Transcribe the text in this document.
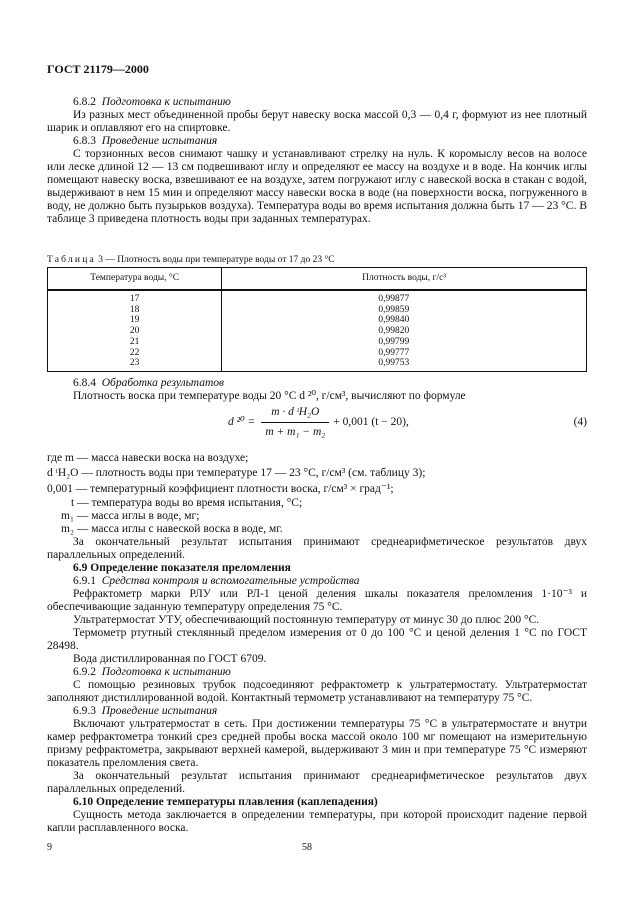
ГОСТ 21179—2000

6.8.2 Подготовка к испытанию

Из разных мест объединенной пробы берут навеску воска массой 0,3 — 0,4 г, формуют из нее плотный шарик и оплавляют его на спиртовке.

6.8.3 Проведение испытания

С торзионных весов снимают чашку и устанавливают стрелку на нуль. К коромыслу весов на волосе или леске длиной 12 — 13 см подвешивают иглу и определяют ее массу на воздухе и в воде. На кончик иглы помещают навеску воска, взвешивают ее на воздухе, затем погружают иглу с навеской воска в стакан с водой, выдерживают в нем 15 мин и определяют массу навески воска в воде (на поверхности воска, погруженного в воду, не должно быть пузырьков воздуха). Температура воды во время испытания должна быть 17 — 23 °С. В таблице 3 приведена плотность воды при заданных температурах.

Таблица 3 — Плотность воды при температуре воды от 17 до 23 °С
Температура воды, °С	Плотность воды, г/с³
17	0,99877
18	0,99859
19	0,99840
20	0,99820
21	0,99799
22	0,99777
23	0,99753

6.8.4 Обработка результатов

Плотность воска при температуре воды 20 °С d ²⁰, г/см³, вычисляют по формуле

d $^{20} = \frac{\text{m · d ᵗH₂O}}{\text{m + m₁ − m₂}} + 0,001$ (t − 20),	(4)

где m — масса навески воска на воздухе;

d ᵗH₂O — плотность воды при температуре 17 — 23 °С, г/см³ (см. таблицу 3);

0,001 — температурный коэффициент плотности воска, г/см³ × град⁻¹;

t — температура воды во время испытания, °С;

m₁ — масса иглы в воде, мг;

m₂ — масса иглы с навеской воска в воде, мг.

За окончательный результат испытания принимают среднеарифметическое результатов двух параллельных определений.

6.9 Определение показателя преломления

6.9.1 Средства контроля и вспомогательные устройства

Рефрактометр марки РЛУ или РЛ-1 ценой деления шкалы показателя преломления 1·10⁻³ и обеспечивающие заданную температуру определения 75 °С.

Ультратермостат УТУ, обеспечивающий постоянную температуру от минус 30 до плюс 200 °С.

Термометр ртутный стеклянный пределом измерения от 0 до 100 °С и ценой деления 1 °С по ГОСТ 28498.

Вода дистиллированная по ГОСТ 6709.

6.9.2 Подготовка к испытанию

С помощью резиновых трубок подсоединяют рефрактометр к ультратермостату. Ультратермостат заполняют дистиллированной водой. Контактный термометр устанавливают на температуру 75 °С.

6.9.3 Проведение испытания

Включают ультратермостат в сеть. При достижении температуры 75 °С в ультратермостате и внутри камер рефрактометра тонкий срез средней пробы воска массой около 100 мг помещают на измерительную призму рефрактометра, закрывают верхней камерой, выдерживают 3 мин и при температуре 75 °С измеряют показатель преломления света.

За окончательный результат испытания принимают среднеарифметическое результатов двух параллельных определений.

6.10 Определение температуры плавления (каплепадения)

Сущность метода заключается в определении температуры, при которой происходит падение первой капли расплавленного воска.

9	58
